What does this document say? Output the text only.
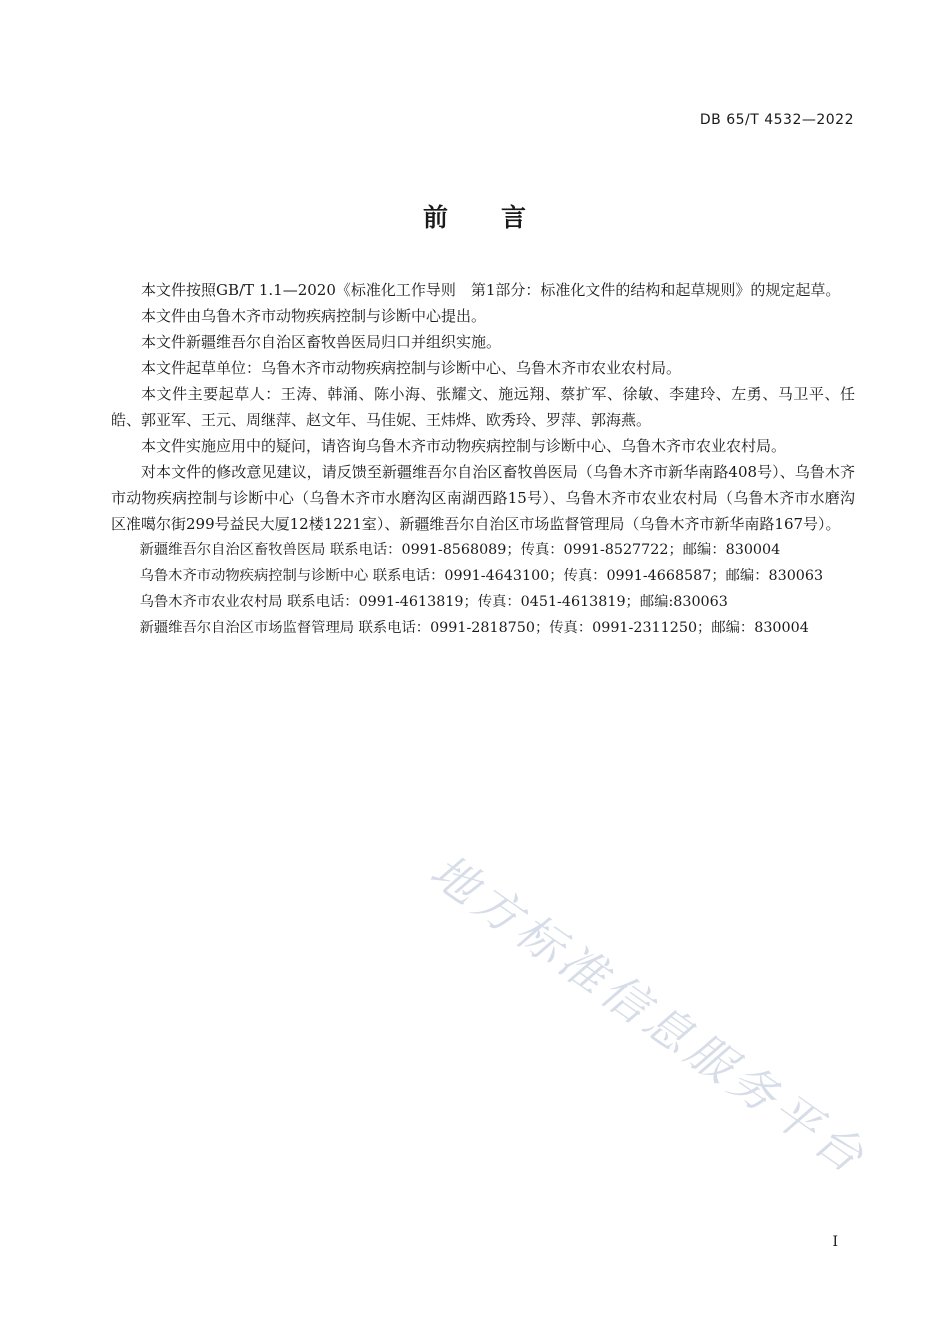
DB 65/T 4532—2022
前 言

本文件按照GB/T 1.1—2020《标准化工作导则　第1部分：标准化文件的结构和起草规则》的规定起草。

本文件由乌鲁木齐市动物疾病控制与诊断中心提出。

本文件新疆维吾尔自治区畜牧兽医局归口并组织实施。

本文件起草单位：乌鲁木齐市动物疾病控制与诊断中心、乌鲁木齐市农业农村局。

本文件主要起草人：王涛、韩涌、陈小海、张耀文、施远翔、蔡扩军、徐敏、李建玲、左勇、马卫平、任皓、郭亚军、王元、周继萍、赵文年、马佳妮、王炜烨、欧秀玲、罗萍、郭海燕。

本文件实施应用中的疑问，请咨询乌鲁木齐市动物疾病控制与诊断中心、乌鲁木齐市农业农村局。

对本文件的修改意见建议，请反馈至新疆维吾尔自治区畜牧兽医局（乌鲁木齐市新华南路408号）、乌鲁木齐市动物疾病控制与诊断中心（乌鲁木齐市水磨沟区南湖西路15号）、乌鲁木齐市农业农村局（乌鲁木齐市水磨沟区准噶尔街299号益民大厦12楼1221室）、新疆维吾尔自治区市场监督管理局（乌鲁木齐市新华南路167号）。

新疆维吾尔自治区畜牧兽医局 联系电话：0991-8568089；传真：0991-8527722；邮编：830004

乌鲁木齐市动物疾病控制与诊断中心 联系电话：0991-4643100；传真：0991-4668587；邮编：830063

乌鲁木齐市农业农村局 联系电话：0991-4613819；传真：0451-4613819；邮编:830063

新疆维吾尔自治区市场监督管理局 联系电话：0991-2818750；传真：0991-2311250；邮编：830004

地方标准信息服务平台
I
